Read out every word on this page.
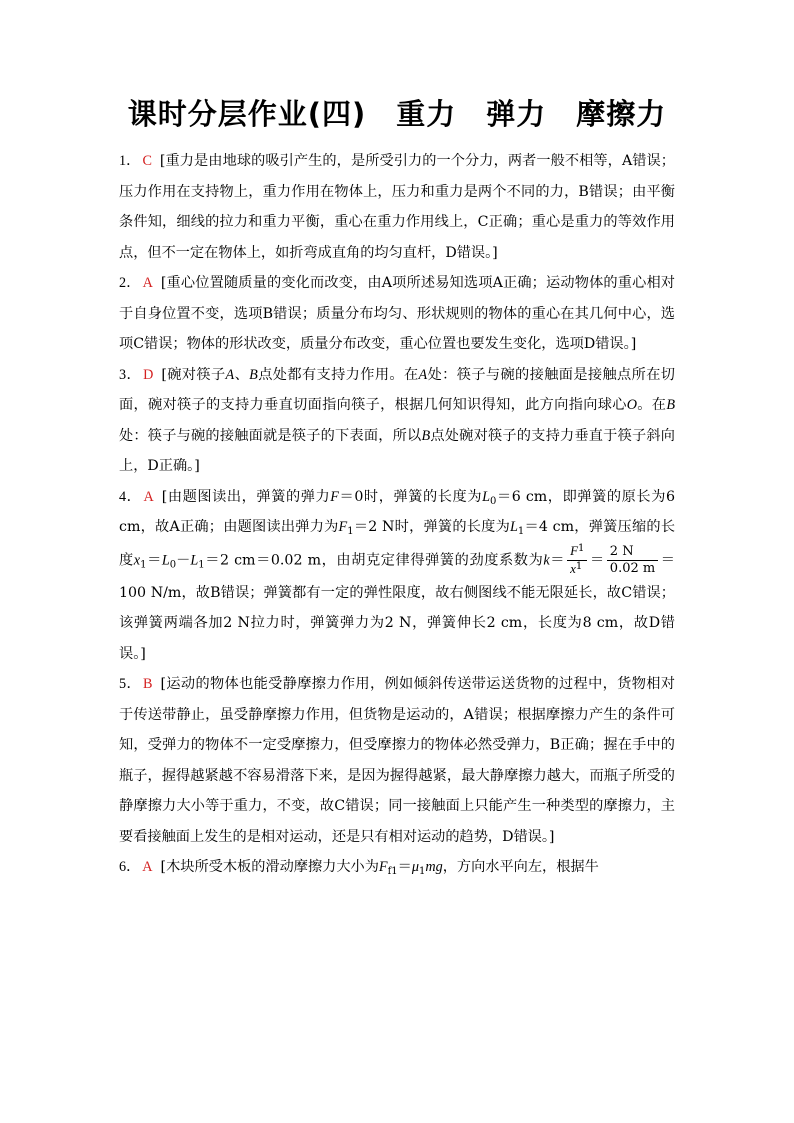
课时分层作业(四)　重力　弹力　摩擦力
1． C [重力是由地球的吸引产生的，是所受引力的一个分力，两者一般不相等，A错误；压力作用在支持物上，重力作用在物体上，压力和重力是两个不同的力，B错误；由平衡条件知，细线的拉力和重力平衡，重心在重力作用线上，C正确；重心是重力的等效作用点，但不一定在物体上，如折弯成直角的均匀直杆，D错误。]
2． A [重心位置随质量的变化而改变，由A项所述易知选项A正确；运动物体的重心相对于自身位置不变，选项B错误；质量分布均匀、形状规则的物体的重心在其几何中心，选项C错误；物体的形状改变，质量分布改变，重心位置也要发生变化，选项D错误。]
3． D [碗对筷子A、B点处都有支持力作用。在A处：筷子与碗的接触面是接触点所在切面，碗对筷子的支持力垂直切面指向筷子，根据几何知识得知，此方向指向球心O。在B处：筷子与碗的接触面就是筷子的下表面，所以B点处碗对筷子的支持力垂直于筷子斜向上，D正确。]
4． A [由题图读出，弹簧的弹力F＝0时，弹簧的长度为$L_0=6$ cm，即弹簧的原长为6 cm，故A正确；由题图读出弹力为$F_1=2$ N时，弹簧的长度为$L_1=4$ cm，弹簧压缩的长度$x_1=L_0-L_1=2$ cm＝0.02 m，由胡克定律得弹簧的劲度系数为$k= \frac{F^1}{x^1} = \frac{2 N}{0.02 m} =100$ N/m，故B错误；弹簧都有一定的弹性限度，故右侧图线不能无限延长，故C错误；该弹簧两端各加2 N拉力时，弹簧弹力为2 N，弹簧伸长2 cm，长度为8 cm，故D错误。]
5． B [运动的物体也能受静摩擦力作用，例如倾斜传送带运送货物的过程中，货物相对于传送带静止，虽受静摩擦力作用，但货物是运动的，A错误；根据摩擦力产生的条件可知，受弹力的物体不一定受摩擦力，但受摩擦力的物体必然受弹力，B正确；握在手中的瓶子，握得越紧越不容易滑落下来，是因为握得越紧，最大静摩擦力越大，而瓶子所受的静摩擦力大小等于重力，不变，故C错误；同一接触面上只能产生一种类型的摩擦力，主要看接触面上发生的是相对运动，还是只有相对运动的趋势，D错误。]
6． A [木块所受木板的滑动摩擦力大小为$F_{f1}=\mu_1mg$，方向水平向左，根据牛
